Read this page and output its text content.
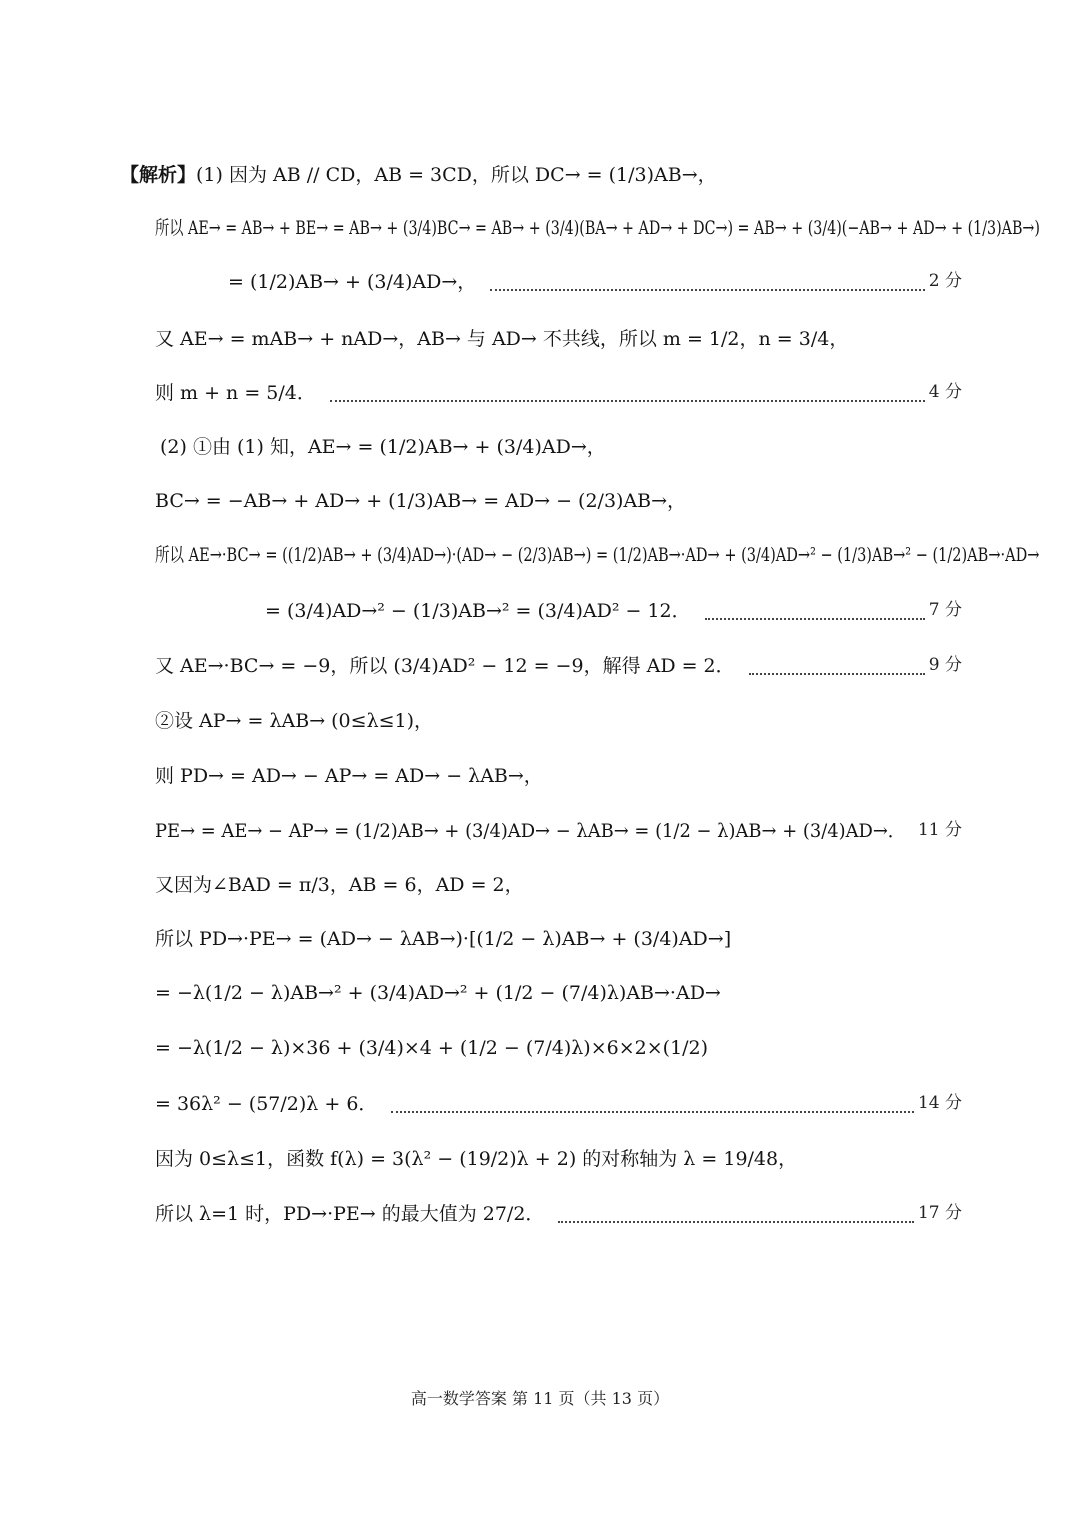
【解析】(1) 因为 AB // CD，AB = 3CD，所以 DC→ = (1/3)AB→，
所以 AE→ = AB→ + BE→ = AB→ + (3/4)BC→ = AB→ + (3/4)(BA→ + AD→ + DC→) = AB→ + (3/4)(−AB→ + AD→ + (1/3)AB→)
= (1/2)AB→ + (3/4)AD→，	2 分
又 AE→ = mAB→ + nAD→，AB→ 与 AD→ 不共线，所以 m = 1/2，n = 3/4，
则 m + n = 5/4．	4 分
(2) ①由 (1) 知，AE→ = (1/2)AB→ + (3/4)AD→，
BC→ = −AB→ + AD→ + (1/3)AB→ = AD→ − (2/3)AB→，
所以 AE→·BC→ = ((1/2)AB→ + (3/4)AD→)·(AD→ − (2/3)AB→) = (1/2)AB→·AD→ + (3/4)AD→² − (1/3)AB→² − (1/2)AB→·AD→
= (3/4)AD→² − (1/3)AB→² = (3/4)AD² − 12．	7 分
又 AE→·BC→ = −9，所以 (3/4)AD² − 12 = −9，解得 AD = 2．	9 分
②设 AP→ = λAB→ (0≤λ≤1)，
则 PD→ = AD→ − AP→ = AD→ − λAB→，
PE→ = AE→ − AP→ = (1/2)AB→ + (3/4)AD→ − λAB→ = (1/2 − λ)AB→ + (3/4)AD→． 11 分
又因为∠BAD = π/3，AB = 6，AD = 2，
所以 PD→·PE→ = (AD→ − λAB→)·[(1/2 − λ)AB→ + (3/4)AD→]
= −λ(1/2 − λ)AB→² + (3/4)AD→² + (1/2 − (7/4)λ)AB→·AD→
= −λ(1/2 − λ)×36 + (3/4)×4 + (1/2 − (7/4)λ)×6×2×(1/2)
= 36λ² − (57/2)λ + 6．	14 分
因为 0≤λ≤1，函数 f(λ) = 3(λ² − (19/2)λ + 2) 的对称轴为 λ = 19/48，
所以 λ=1 时，PD→·PE→ 的最大值为 27/2．	17 分
高一数学答案 第 11 页（共 13 页）
